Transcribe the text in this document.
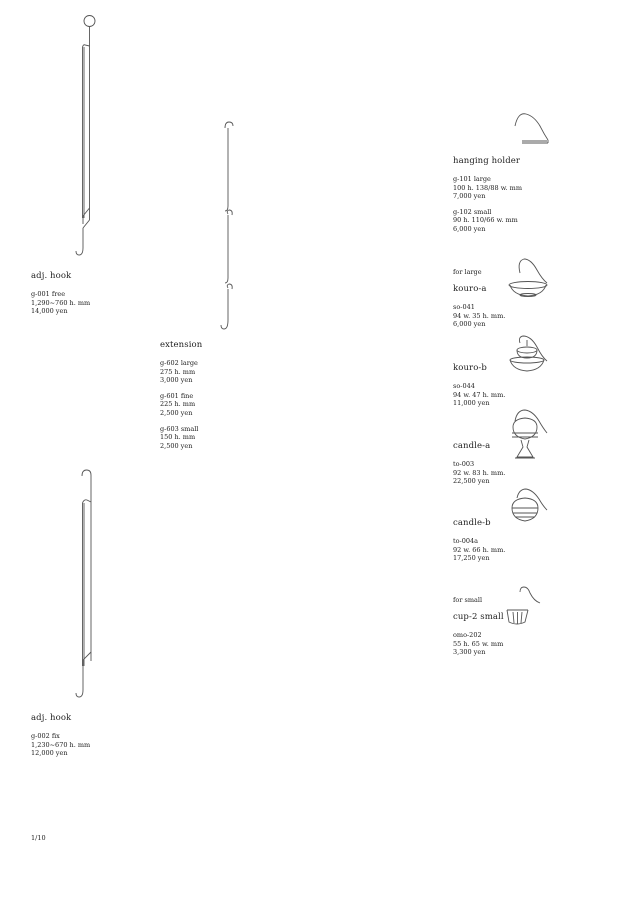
adj. hook
g-001 free
1,290~760 h. mm
14,000 yen
adj. hook
g-002 fix
1,230~670 h. mm
12,000 yen
extension
g-602 large
275 h. mm
3,000 yen
g-601 fine
225 h. mm
2,500 yen
g-603 small
150 h. mm
2,500 yen
hanging holder
g-101 large
100 h. 138/88 w. mm
7,000 yen
g-102 small
90 h. 110/66 w. mm
6,000 yen
for large
kouro-a
so-041
94 w. 35 h. mm.
6,000 yen
kouro-b
so-044
94 w. 47 h. mm.
11,000 yen
candle-a
to-003
92 w. 83 h. mm.
22,500 yen
candle-b
to-004a
92 w. 66 h. mm.
17,250 yen
for small
cup-2 small
omo-202
55 h. 65 w. mm
3,300 yen
1/10
